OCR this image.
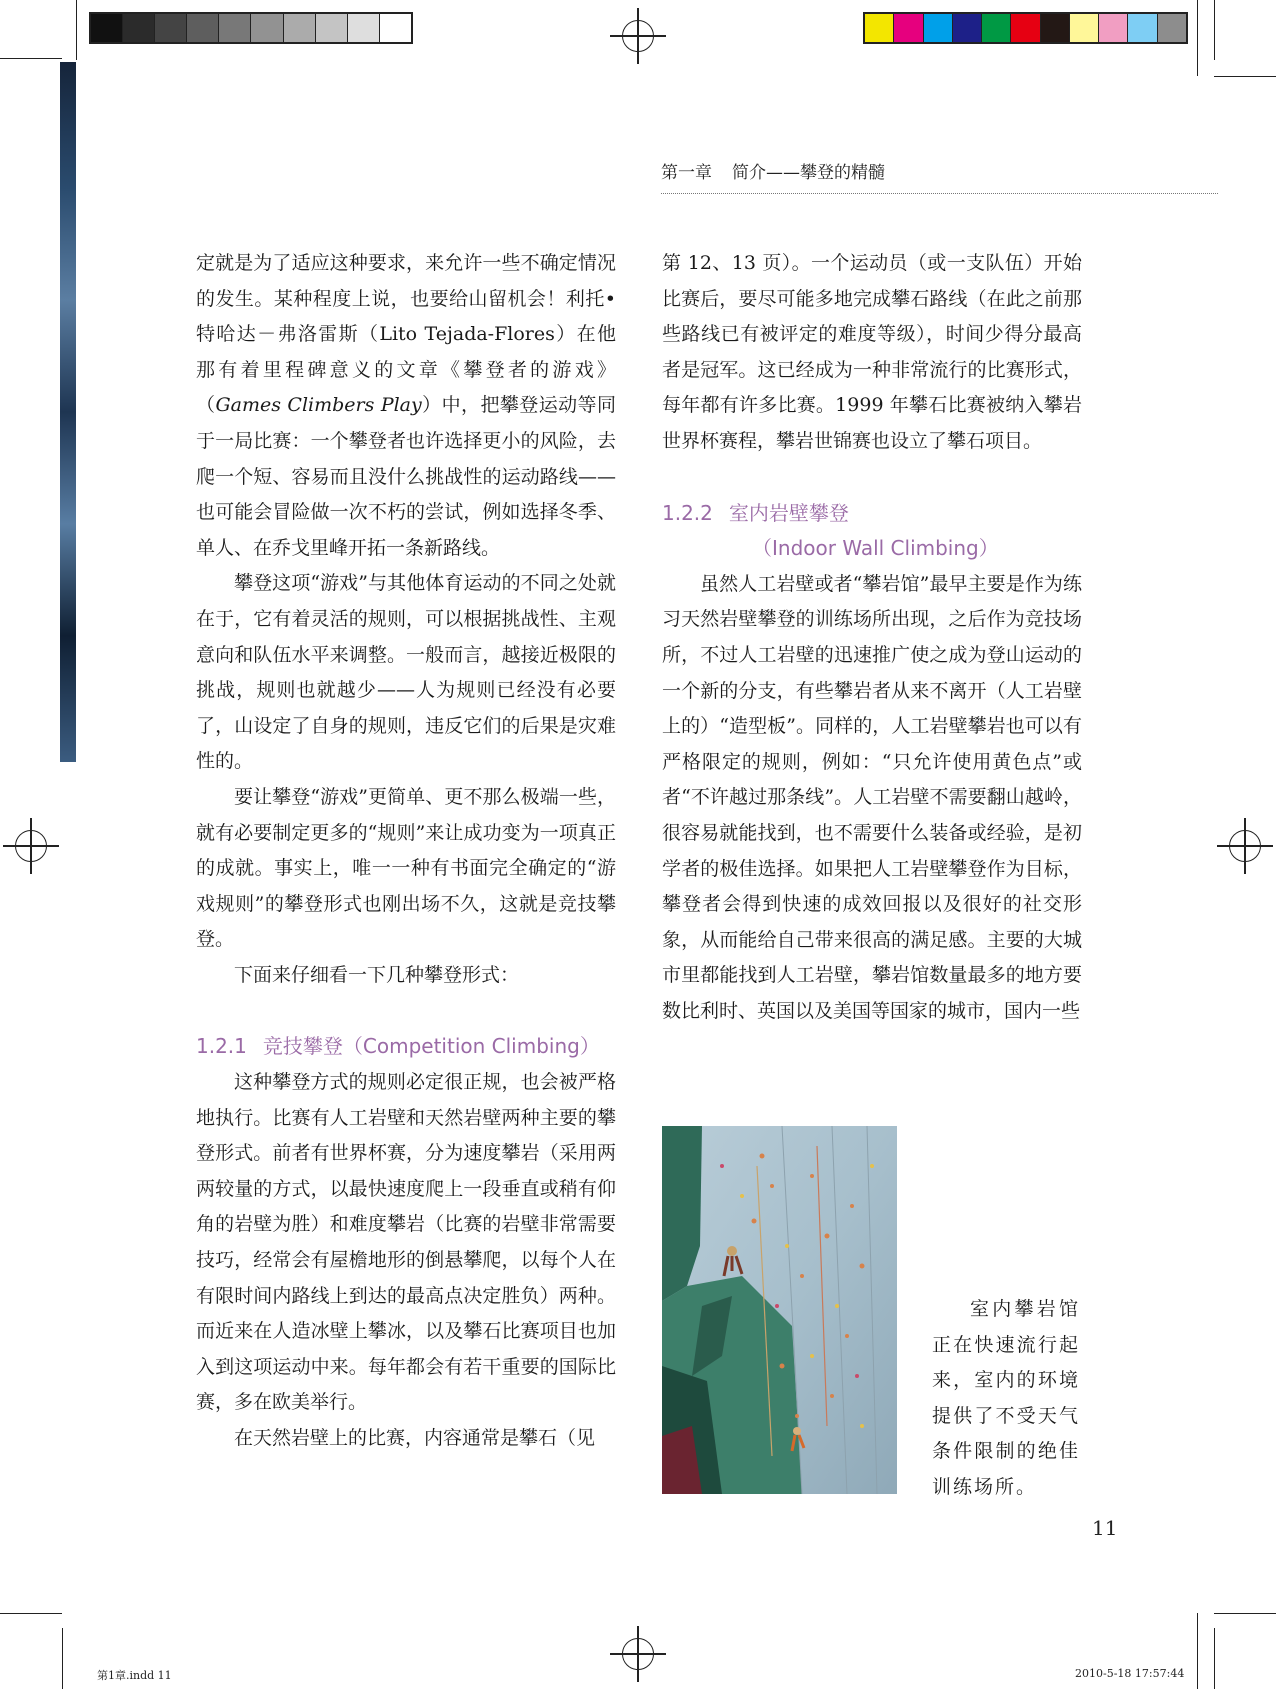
第一章 简介——攀登的精髓

定就是为了适应这种要求，来允许一些不确定情况的发生。某种程度上说，也要给山留机会！利托•特哈达－弗洛雷斯（Lito Tejada-Flores）在他那有着里程碑意义的文章《攀登者的游戏》（Games Climbers Play）中，把攀登运动等同于一局比赛：一个攀登者也许选择更小的风险，去爬一个短、容易而且没什么挑战性的运动路线——也可能会冒险做一次不朽的尝试，例如选择冬季、单人、在乔戈里峰开拓一条新路线。

攀登这项“游戏”与其他体育运动的不同之处就在于，它有着灵活的规则，可以根据挑战性、主观意向和队伍水平来调整。一般而言，越接近极限的挑战，规则也就越少——人为规则已经没有必要了，山设定了自身的规则，违反它们的后果是灾难性的。

要让攀登“游戏”更简单、更不那么极端一些，就有必要制定更多的“规则”来让成功变为一项真正的成就。事实上，唯一一种有书面完全确定的“游戏规则”的攀登形式也刚出场不久，这就是竞技攀登。

下面来仔细看一下几种攀登形式：

1.2.1 竞技攀登（Competition Climbing）

这种攀登方式的规则必定很正规，也会被严格地执行。比赛有人工岩壁和天然岩壁两种主要的攀登形式。前者有世界杯赛，分为速度攀岩（采用两两较量的方式，以最快速度爬上一段垂直或稍有仰角的岩壁为胜）和难度攀岩（比赛的岩壁非常需要技巧，经常会有屋檐地形的倒悬攀爬，以每个人在有限时间内路线上到达的最高点决定胜负）两种。而近来在人造冰壁上攀冰，以及攀石比赛项目也加入到这项运动中来。每年都会有若干重要的国际比赛，多在欧美举行。

在天然岩壁上的比赛，内容通常是攀石（见

第 12、13 页）。一个运动员（或一支队伍）开始比赛后，要尽可能多地完成攀石路线（在此之前那些路线已有被评定的难度等级），时间少得分最高者是冠军。这已经成为一种非常流行的比赛形式，每年都有许多比赛。1999 年攀石比赛被纳入攀岩世界杯赛程，攀岩世锦赛也设立了攀石项目。

1.2.2 室内岩壁攀登

（Indoor Wall Climbing）

虽然人工岩壁或者“攀岩馆”最早主要是作为练习天然岩壁攀登的训练场所出现，之后作为竞技场所，不过人工岩壁的迅速推广使之成为登山运动的一个新的分支，有些攀岩者从来不离开（人工岩壁上的）“造型板”。同样的，人工岩壁攀岩也可以有严格限定的规则，例如：“只允许使用黄色点”或者“不许越过那条线”。人工岩壁不需要翻山越岭，很容易就能找到，也不需要什么装备或经验，是初学者的极佳选择。如果把人工岩壁攀登作为目标，攀登者会得到快速的成效回报以及很好的社交形象，从而能给自己带来很高的满足感。主要的大城市里都能找到人工岩壁，攀岩馆数量最多的地方要数比利时、英国以及美国等国家的城市，国内一些

室内攀岩馆
正在快速流行起
来，室内的环境
提供了不受天气
条件限制的绝佳
训练场所。
11
第1章.indd 11	2010-5-18 17:57:44
